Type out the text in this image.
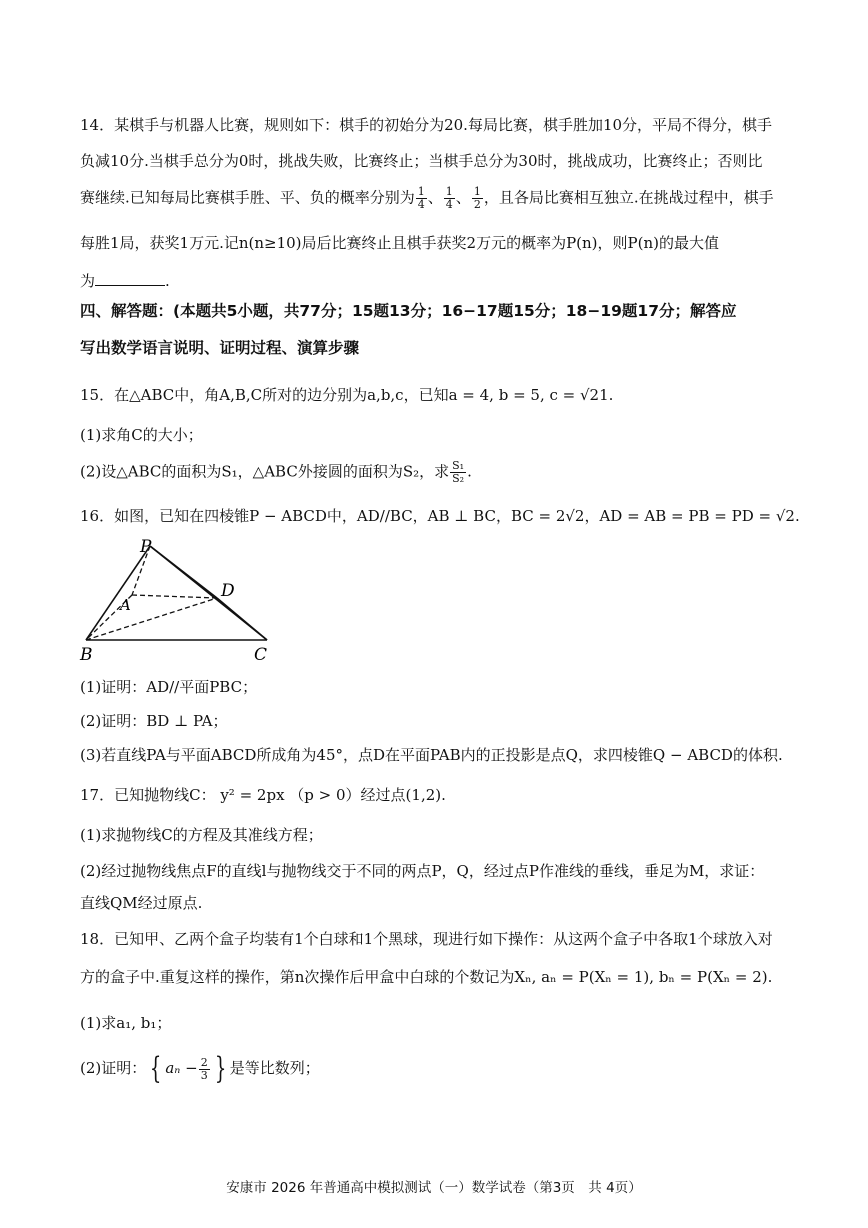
14．某棋手与机器人比赛，规则如下：棋手的初始分为20.每局比赛，棋手胜加10分，平局不得分，棋手
负减10分.当棋手总分为0时，挑战失败，比赛终止；当棋手总分为30时，挑战成功，比赛终止；否则比
赛继续.已知每局比赛棋手胜、平、负的概率分别为 $\frac{1}{4}$ 、 $\frac{1}{4}$ 、 $\frac{1}{2}$ ，且各局比赛相互独立.在挑战过程中，棋手
每胜1局，获奖1万元.记n(n≥10)局后比赛终止且棋手获奖2万元的概率为P(n)，则P(n)的最大值
为	.
四、解答题：(本题共5小题，共77分；15题13分；16−17题15分；18−19题17分；解答应
写出数学语言说明、证明过程、演算步骤
15．在△ABC中，角A,B,C所对的边分别为a,b,c，已知a = 4, b = 5, c = √21.
(1)求角C的大小；
(2)设△ABC的面积为S₁，△ABC外接圆的面积为S₂，求 $\frac{\text{S₁}}{\text{S₂}}$ .
16．如图，已知在四棱锥P − ABCD中，AD//BC，AB ⊥ BC，BC = 2√2，AD = AB = PB = PD = √2.
P
A
D
B	C
(1)证明：AD//平面PBC；
(2)证明：BD ⊥ PA；
(3)若直线PA与平面ABCD所成角为45°，点D在平面PAB内的正投影是点Q，求四棱锥Q − ABCD的体积.
17．已知抛物线C： y² = 2px （p > 0）经过点(1,2).
(1)求抛物线C的方程及其准线方程；
(2)经过抛物线焦点F的直线l与抛物线交于不同的两点P，Q，经过点P作准线的垂线，垂足为M，求证：
直线QM经过原点.
18．已知甲、乙两个盒子均装有1个白球和1个黑球，现进行如下操作：从这两个盒子中各取1个球放入对
方的盒子中.重复这样的操作，第n次操作后甲盒中白球的个数记为Xₙ, aₙ = P(Xₙ = 1), bₙ = P(Xₙ = 2).
(1)求a₁, b₁；
(2)证明： { $a_n - \frac{2}{3}$ } 是等比数列；
安康市 2026 年普通高中模拟测试（一）数学试卷（第3页　共 4页）
